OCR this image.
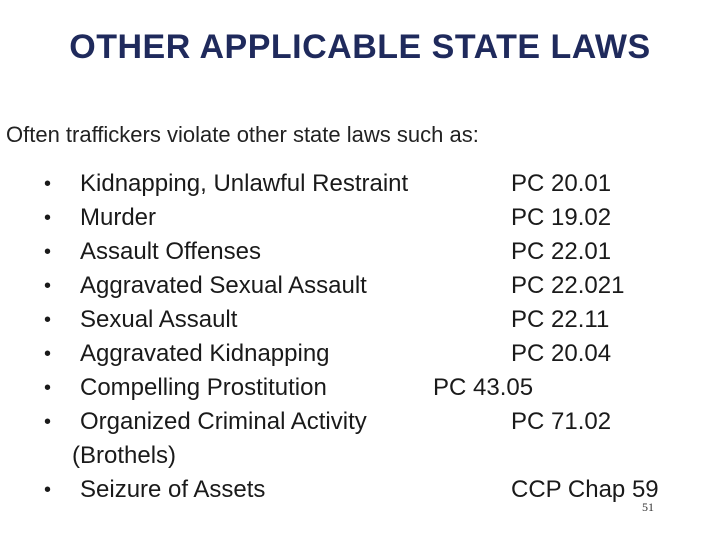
OTHER APPLICABLE STATE LAWS
Often traffickers violate other state laws such as:
• Kidnapping, Unlawful Restraint	PC 20.01
• Murder	PC 19.02
• Assault Offenses	PC 22.01
• Aggravated Sexual Assault	PC 22.021
• Sexual Assault	PC 22.11
• Aggravated Kidnapping	PC 20.04
• Compelling Prostitution	PC 43.05
• Organized Criminal Activity	PC 71.02
(Brothels)
• Seizure of Assets	CCP Chap 59
51
